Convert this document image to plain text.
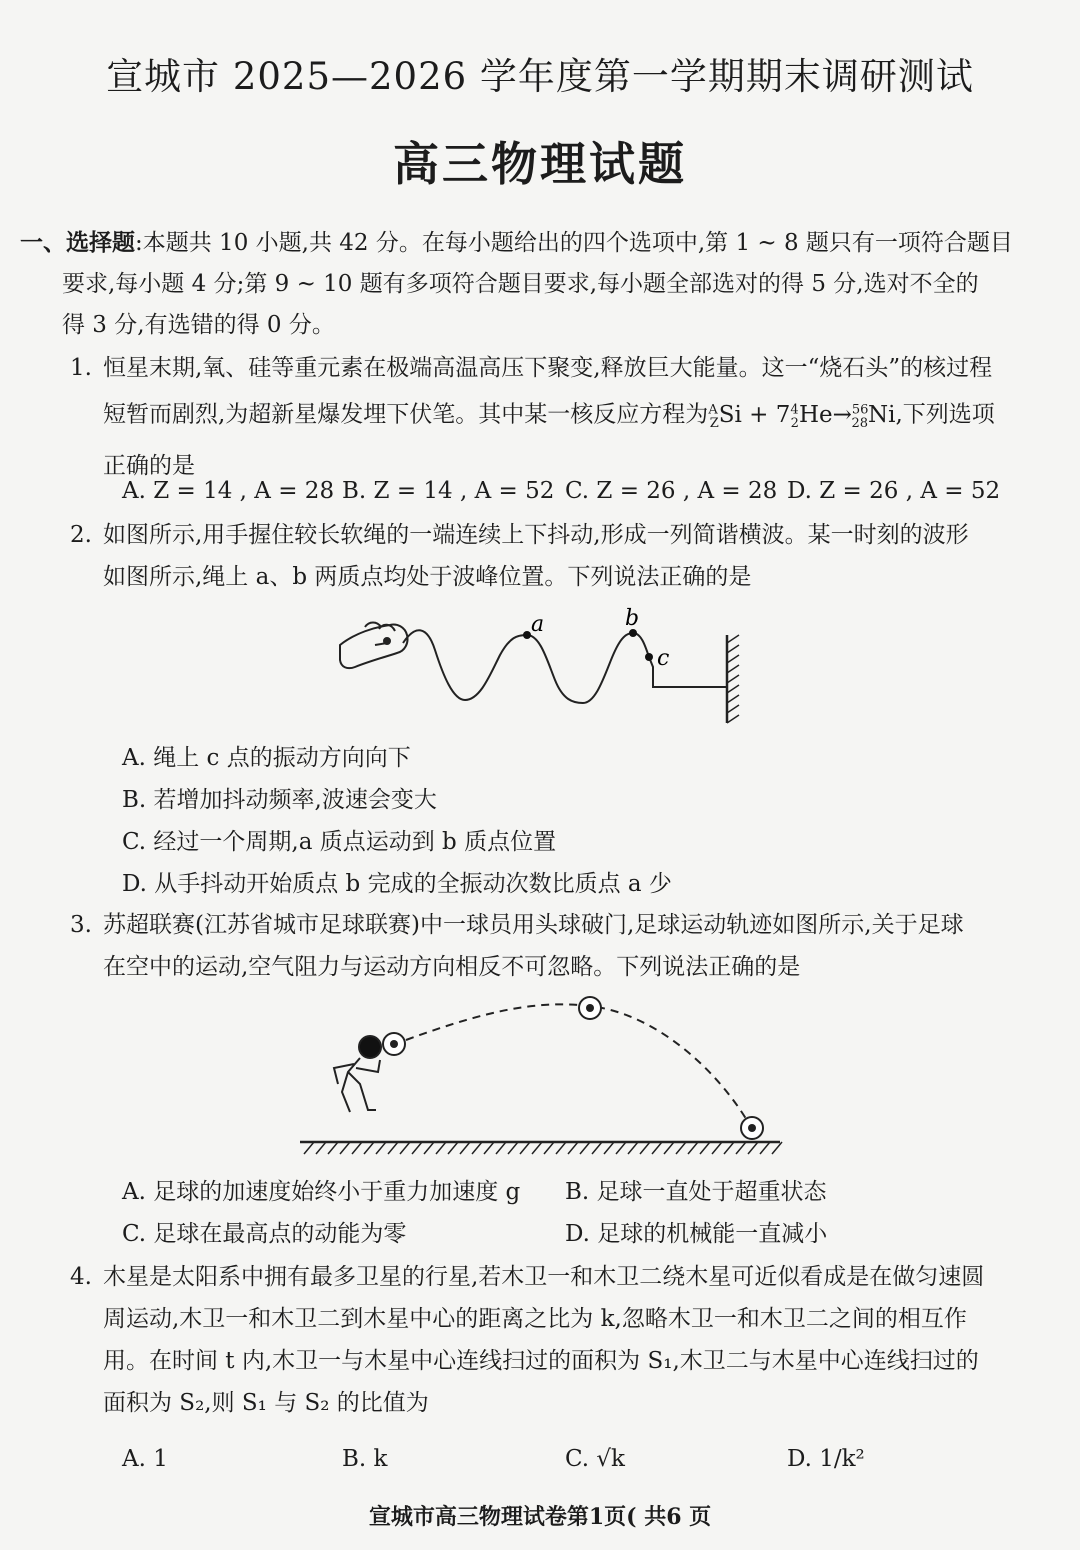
宣城市 2025—2026 学年度第一学期期末调研测试
高三物理试题
一、选择题:本题共 10 小题,共 42 分。在每小题给出的四个选项中,第 1 ~ 8 题只有一项符合题目
要求,每小题 4 分;第 9 ~ 10 题有多项符合题目要求,每小题全部选对的得 5 分,选对不全的
得 3 分,有选错的得 0 分。
1. 恒星末期,氧、硅等重元素在极端高温高压下聚变,释放巨大能量。这一“烧石头”的核过程
短暂而剧烈,为超新星爆发埋下伏笔。其中某一核反应方程为$^A_ZSi + 7^4_2He\to^{56}_{28}Ni$,下列选项
正确的是
A. Z = 14 , A = 28 B. Z = 14 , A = 52 C. Z = 26 , A = 28 D. Z = 26 , A = 52
2. 如图所示,用手握住较长软绳的一端连续上下抖动,形成一列简谐横波。某一时刻的波形
如图所示,绳上 a、b 两质点均处于波峰位置。下列说法正确的是
a	b
c
A. 绳上 c 点的振动方向向下
B. 若增加抖动频率,波速会变大
C. 经过一个周期,a 质点运动到 b 质点位置
D. 从手抖动开始质点 b 完成的全振动次数比质点 a 少
3. 苏超联赛(江苏省城市足球联赛)中一球员用头球破门,足球运动轨迹如图所示,关于足球
在空中的运动,空气阻力与运动方向相反不可忽略。下列说法正确的是
A. 足球的加速度始终小于重力加速度 g B. 足球一直处于超重状态
C. 足球在最高点的动能为零	D. 足球的机械能一直减小
4. 木星是太阳系中拥有最多卫星的行星,若木卫一和木卫二绕木星可近似看成是在做匀速圆
周运动,木卫一和木卫二到木星中心的距离之比为 k,忽略木卫一和木卫二之间的相互作
用。在时间 t 内,木卫一与木星中心连线扫过的面积为 S₁,木卫二与木星中心连线扫过的
面积为 S₂,则 S₁ 与 S₂ 的比值为
A. 1	B. k	C. √k	D. 1/k²
宣城市高三物理试卷第1页( 共6 页
